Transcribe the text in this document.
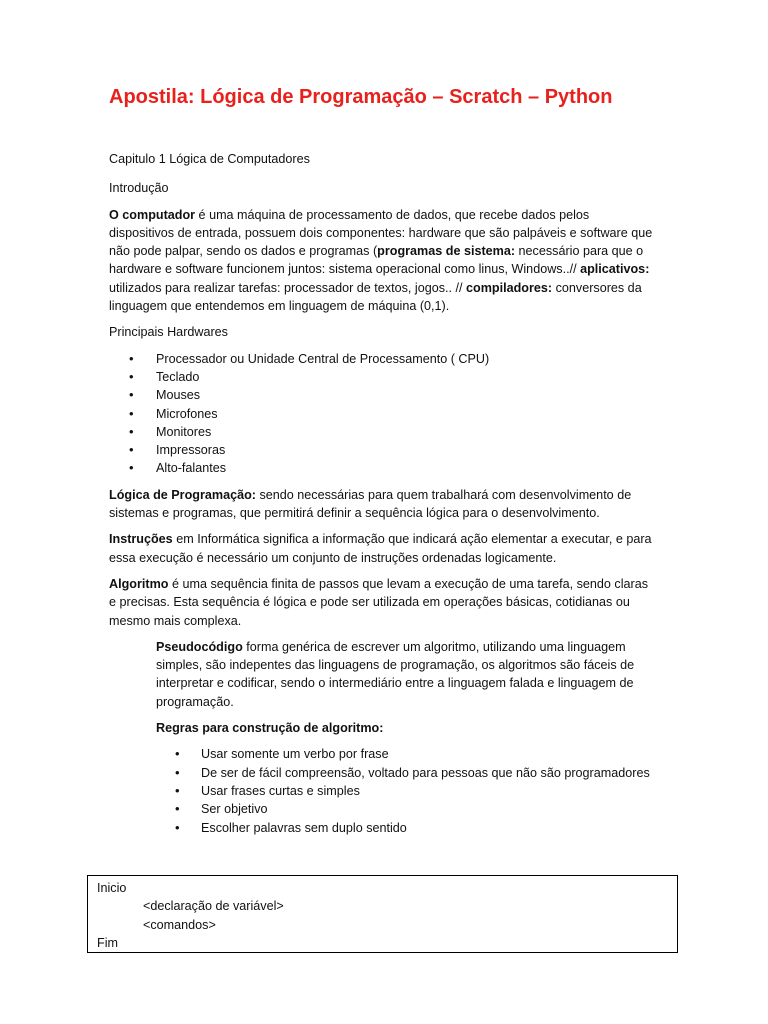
Apostila: Lógica de Programação – Scratch – Python

Capitulo 1 Lógica de Computadores

Introdução

O computador é uma máquina de processamento de dados, que recebe dados pelos dispositivos de entrada, possuem dois componentes: hardware que são palpáveis e software que não pode palpar, sendo os dados e programas (programas de sistema: necessário para que o hardware e software funcionem juntos: sistema operacional como linus, Windows..// aplicativos: utilizados para realizar tarefas: processador de textos, jogos.. // compiladores: conversores da linguagem que entendemos em linguagem de máquina (0,1).

Principais Hardwares

• Processador ou Unidade Central de Processamento ( CPU)
• Teclado
• Mouses
• Microfones
• Monitores
• Impressoras
• Alto-falantes

Lógica de Programação: sendo necessárias para quem trabalhará com desenvolvimento de sistemas e programas, que permitirá definir a sequência lógica para o desenvolvimento.

Instruções em Informática significa a informação que indicará ação elementar a executar, e para essa execução é necessário um conjunto de instruções ordenadas logicamente.

Algoritmo é uma sequência finita de passos que levam a execução de uma tarefa, sendo claras e precisas. Esta sequência é lógica e pode ser utilizada em operações básicas, cotidianas ou mesmo mais complexa.

Pseudocódigo forma genérica de escrever um algoritmo, utilizando uma linguagem simples, são indepentes das linguagens de programação, os algoritmos são fáceis de interpretar e codificar, sendo o intermediário entre a linguagem falada e linguagem de programação.

Regras para construção de algoritmo:

• Usar somente um verbo por frase
• De ser de fácil compreensão, voltado para pessoas que não são programadores
• Usar frases curtas e simples
• Ser objetivo
• Escolher palavras sem duplo sentido
Inicio
<declaração de variável>
<comandos>
Fim
